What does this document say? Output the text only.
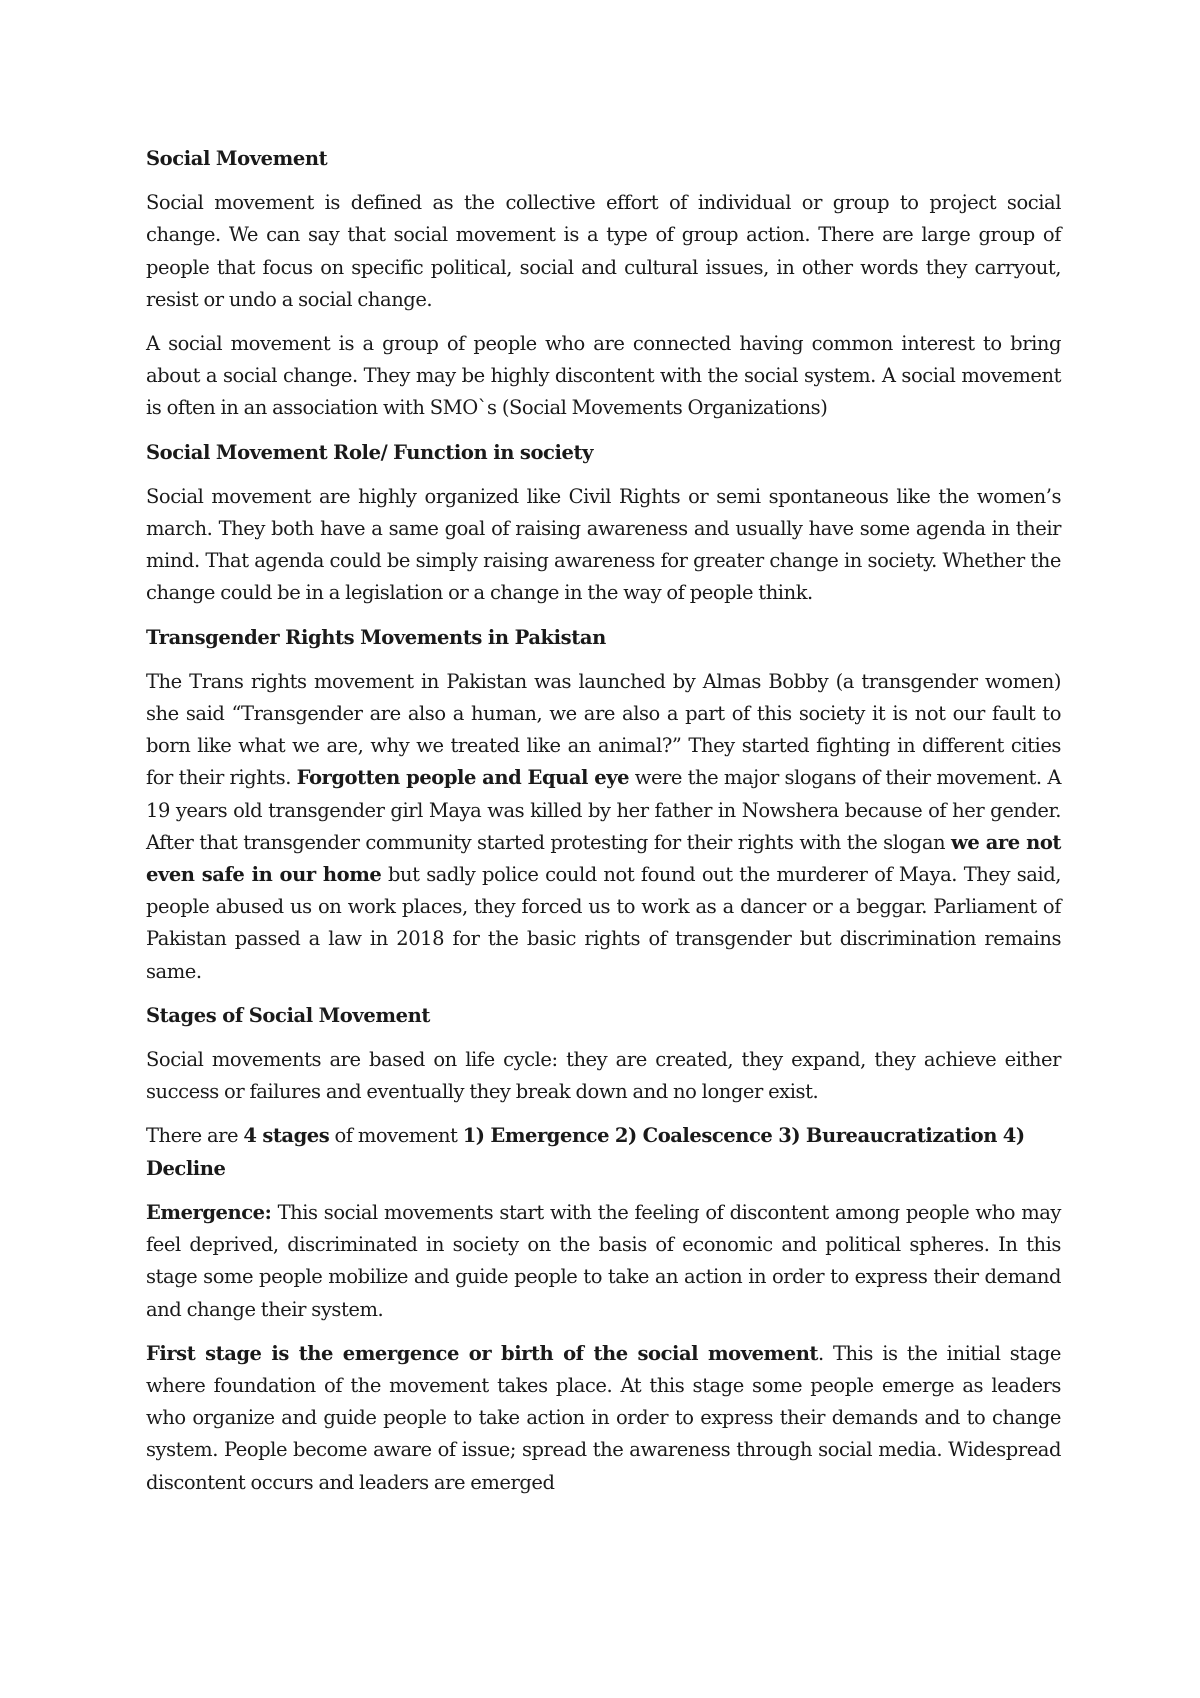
Social Movement

Social movement is defined as the collective effort of individual or group to project social change. We can say that social movement is a type of group action. There are large group of people that focus on specific political, social and cultural issues, in other words they carryout, resist or undo a social change.

A social movement is a group of people who are connected having common interest to bring about a social change. They may be highly discontent with the social system. A social movement is often in an association with SMO`s (Social Movements Organizations)

Social Movement Role/ Function in society

Social movement are highly organized like Civil Rights or semi spontaneous like the women’s march. They both have a same goal of raising awareness and usually have some agenda in their mind. That agenda could be simply raising awareness for greater change in society. Whether the change could be in a legislation or a change in the way of people think.

Transgender Rights Movements in Pakistan

The Trans rights movement in Pakistan was launched by Almas Bobby (a transgender women) she said “Transgender are also a human, we are also a part of this society it is not our fault to born like what we are, why we treated like an animal?” They started fighting in different cities for their rights. Forgotten people and Equal eye were the major slogans of their movement. A 19 years old transgender girl Maya was killed by her father in Nowshera because of her gender. After that transgender community started protesting for their rights with the slogan we are not even safe in our home but sadly police could not found out the murderer of Maya. They said, people abused us on work places, they forced us to work as a dancer or a beggar. Parliament of Pakistan passed a law in 2018 for the basic rights of transgender but discrimination remains same.

Stages of Social Movement

Social movements are based on life cycle: they are created, they expand, they achieve either success or failures and eventually they break down and no longer exist.

There are 4 stages of movement 1) Emergence 2) Coalescence 3) Bureaucratization 4) Decline

Emergence: This social movements start with the feeling of discontent among people who may feel deprived, discriminated in society on the basis of economic and political spheres. In this stage some people mobilize and guide people to take an action in order to express their demand and change their system.

First stage is the emergence or birth of the social movement. This is the initial stage where foundation of the movement takes place. At this stage some people emerge as leaders who organize and guide people to take action in order to express their demands and to change system. People become aware of issue; spread the awareness through social media. Widespread discontent occurs and leaders are emerged
